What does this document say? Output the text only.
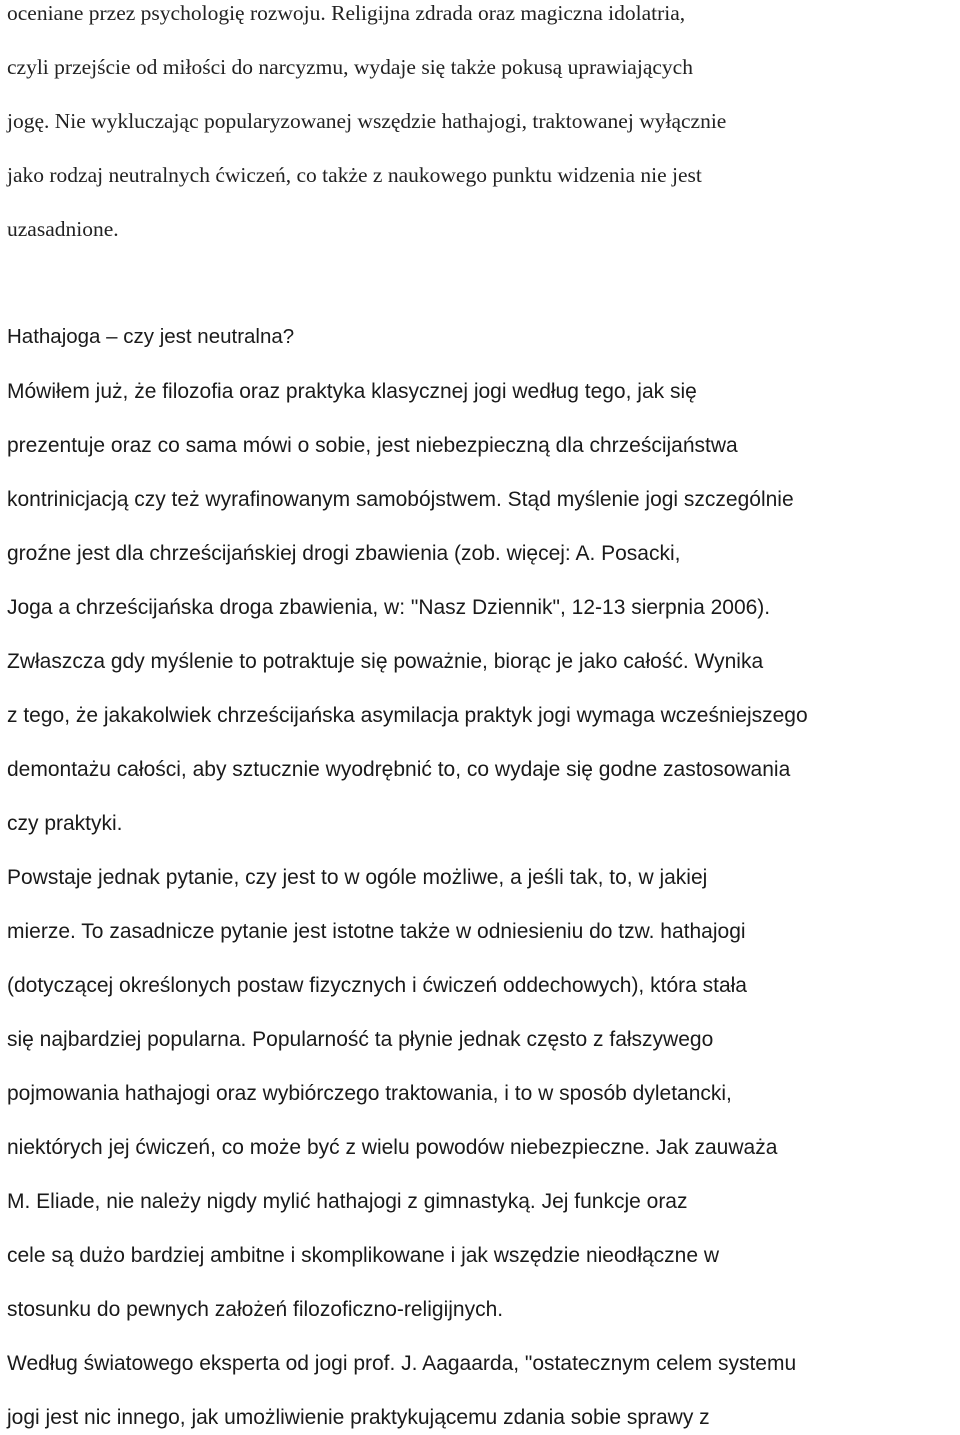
oceniane przez psychologię rozwoju. Religijna zdrada oraz magiczna idolatria,
czyli przejście od miłości do narcyzmu, wydaje się także pokusą uprawiających
jogę. Nie wykluczając popularyzowanej wszędzie hathajogi, traktowanej wyłącznie
jako rodzaj neutralnych ćwiczeń, co także z naukowego punktu widzenia nie jest
uzasadnione.
Hathajoga – czy jest neutralna?
Mówiłem już, że filozofia oraz praktyka klasycznej jogi według tego, jak się
prezentuje oraz co sama mówi o sobie, jest niebezpieczną dla chrześcijaństwa
kontrinicjacją czy też wyrafinowanym samobójstwem. Stąd myślenie jogi szczególnie
groźne jest dla chrześcijańskiej drogi zbawienia (zob. więcej: A. Posacki,
Joga a chrześcijańska droga zbawienia, w: "Nasz Dziennik", 12-13 sierpnia 2006).
Zwłaszcza gdy myślenie to potraktuje się poważnie, biorąc je jako całość. Wynika
z tego, że jakakolwiek chrześcijańska asymilacja praktyk jogi wymaga wcześniejszego
demontażu całości, aby sztucznie wyodrębnić to, co wydaje się godne zastosowania
czy praktyki.
Powstaje jednak pytanie, czy jest to w ogóle możliwe, a jeśli tak, to, w jakiej
mierze. To zasadnicze pytanie jest istotne także w odniesieniu do tzw. hathajogi
(dotyczącej określonych postaw fizycznych i ćwiczeń oddechowych), która stała
się najbardziej popularna. Popularność ta płynie jednak często z fałszywego
pojmowania hathajogi oraz wybiórczego traktowania, i to w sposób dyletancki,
niektórych jej ćwiczeń, co może być z wielu powodów niebezpieczne. Jak zauważa
M. Eliade, nie należy nigdy mylić hathajogi z gimnastyką. Jej funkcje oraz
cele są dużo bardziej ambitne i skomplikowane i jak wszędzie nieodłączne w
stosunku do pewnych założeń filozoficzno-religijnych.
Według światowego eksperta od jogi prof. J. Aagaarda, "ostatecznym celem systemu
jogi jest nic innego, jak umożliwienie praktykującemu zdania sobie sprawy z
